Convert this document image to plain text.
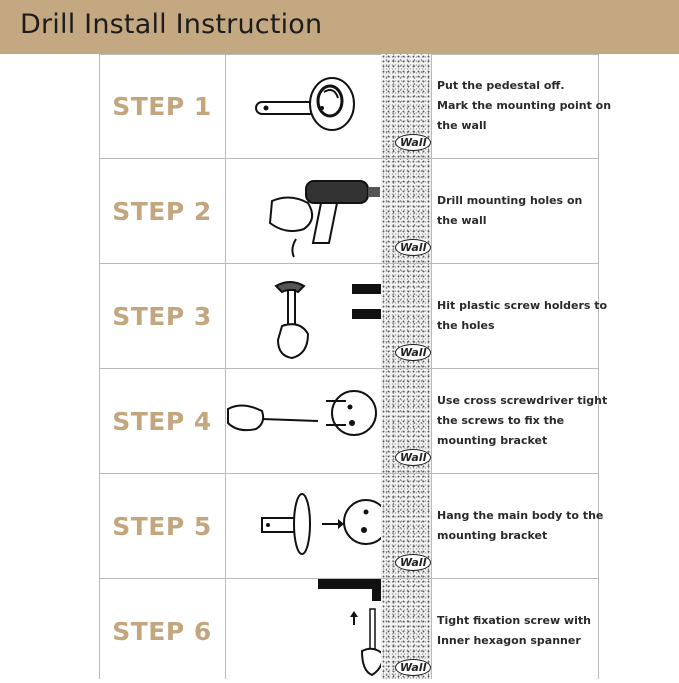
Drill Install Instruction
STEP 1
Wall
Put the pedestal off.
Mark the mounting point on
the wall
STEP 2
Wall
Drill mounting holes on
the wall
STEP 3
Wall
Hit plastic screw holders to
the holes
STEP 4
Wall
Use cross screwdriver tight
the screws to fix the
mounting bracket
STEP 5
Wall
Hang the main body to the
mounting bracket
STEP 6
Wall
Tight fixation screw with
Inner hexagon spanner
